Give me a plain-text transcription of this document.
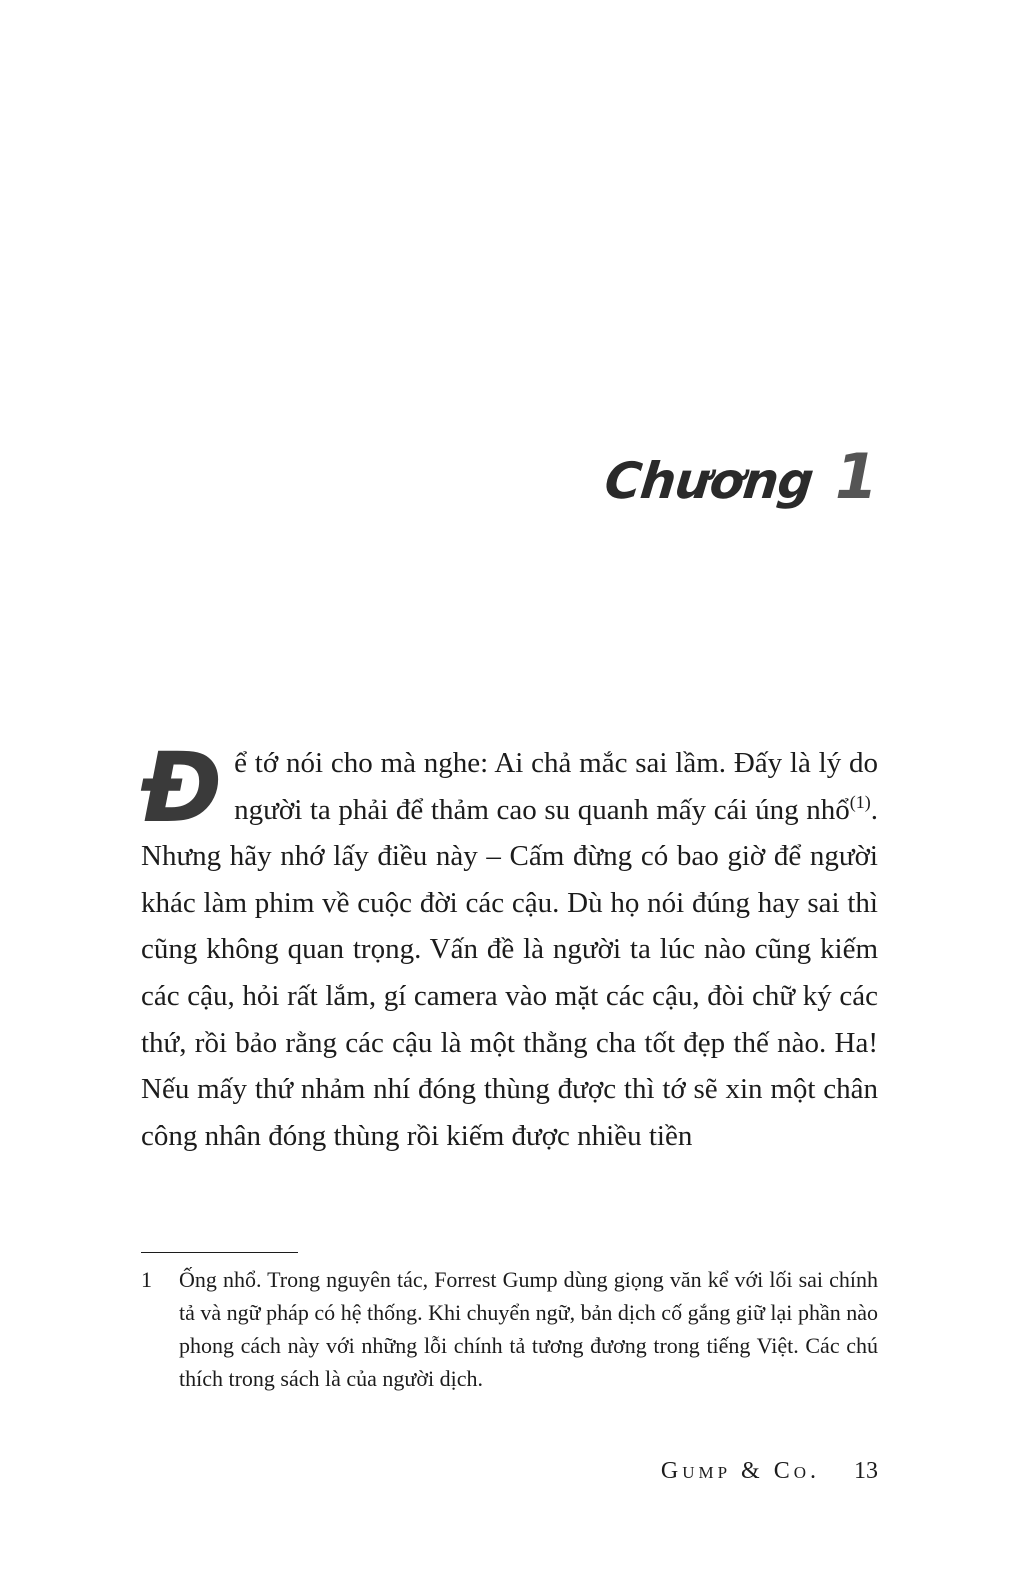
Chương 1

Để tớ nói cho mà nghe: Ai chả mắc sai lầm. Đấy là lý do người ta phải để thảm cao su quanh mấy cái úng nhổ$^{(1)}$. Nhưng hãy nhớ lấy điều này – Cấm đừng có bao giờ để người khác làm phim về cuộc đời các cậu. Dù họ nói đúng hay sai thì cũng không quan trọng. Vấn đề là người ta lúc nào cũng kiếm các cậu, hỏi rất lắm, gí camera vào mặt các cậu, đòi chữ ký các thứ, rồi bảo rằng các cậu là một thằng cha tốt đẹp thế nào. Ha! Nếu mấy thứ nhảm nhí đóng thùng được thì tớ sẽ xin một chân công nhân đóng thùng rồi kiếm được nhiều tiền

1	Ống nhổ. Trong nguyên tác, Forrest Gump dùng giọng văn kể với lối sai chính tả và ngữ pháp có hệ thống. Khi chuyển ngữ, bản dịch cố gắng giữ lại phần nào phong cách này với những lỗi chính tả tương đương trong tiếng Việt. Các chú thích trong sách là của người dịch.
Gump & Co. 13
